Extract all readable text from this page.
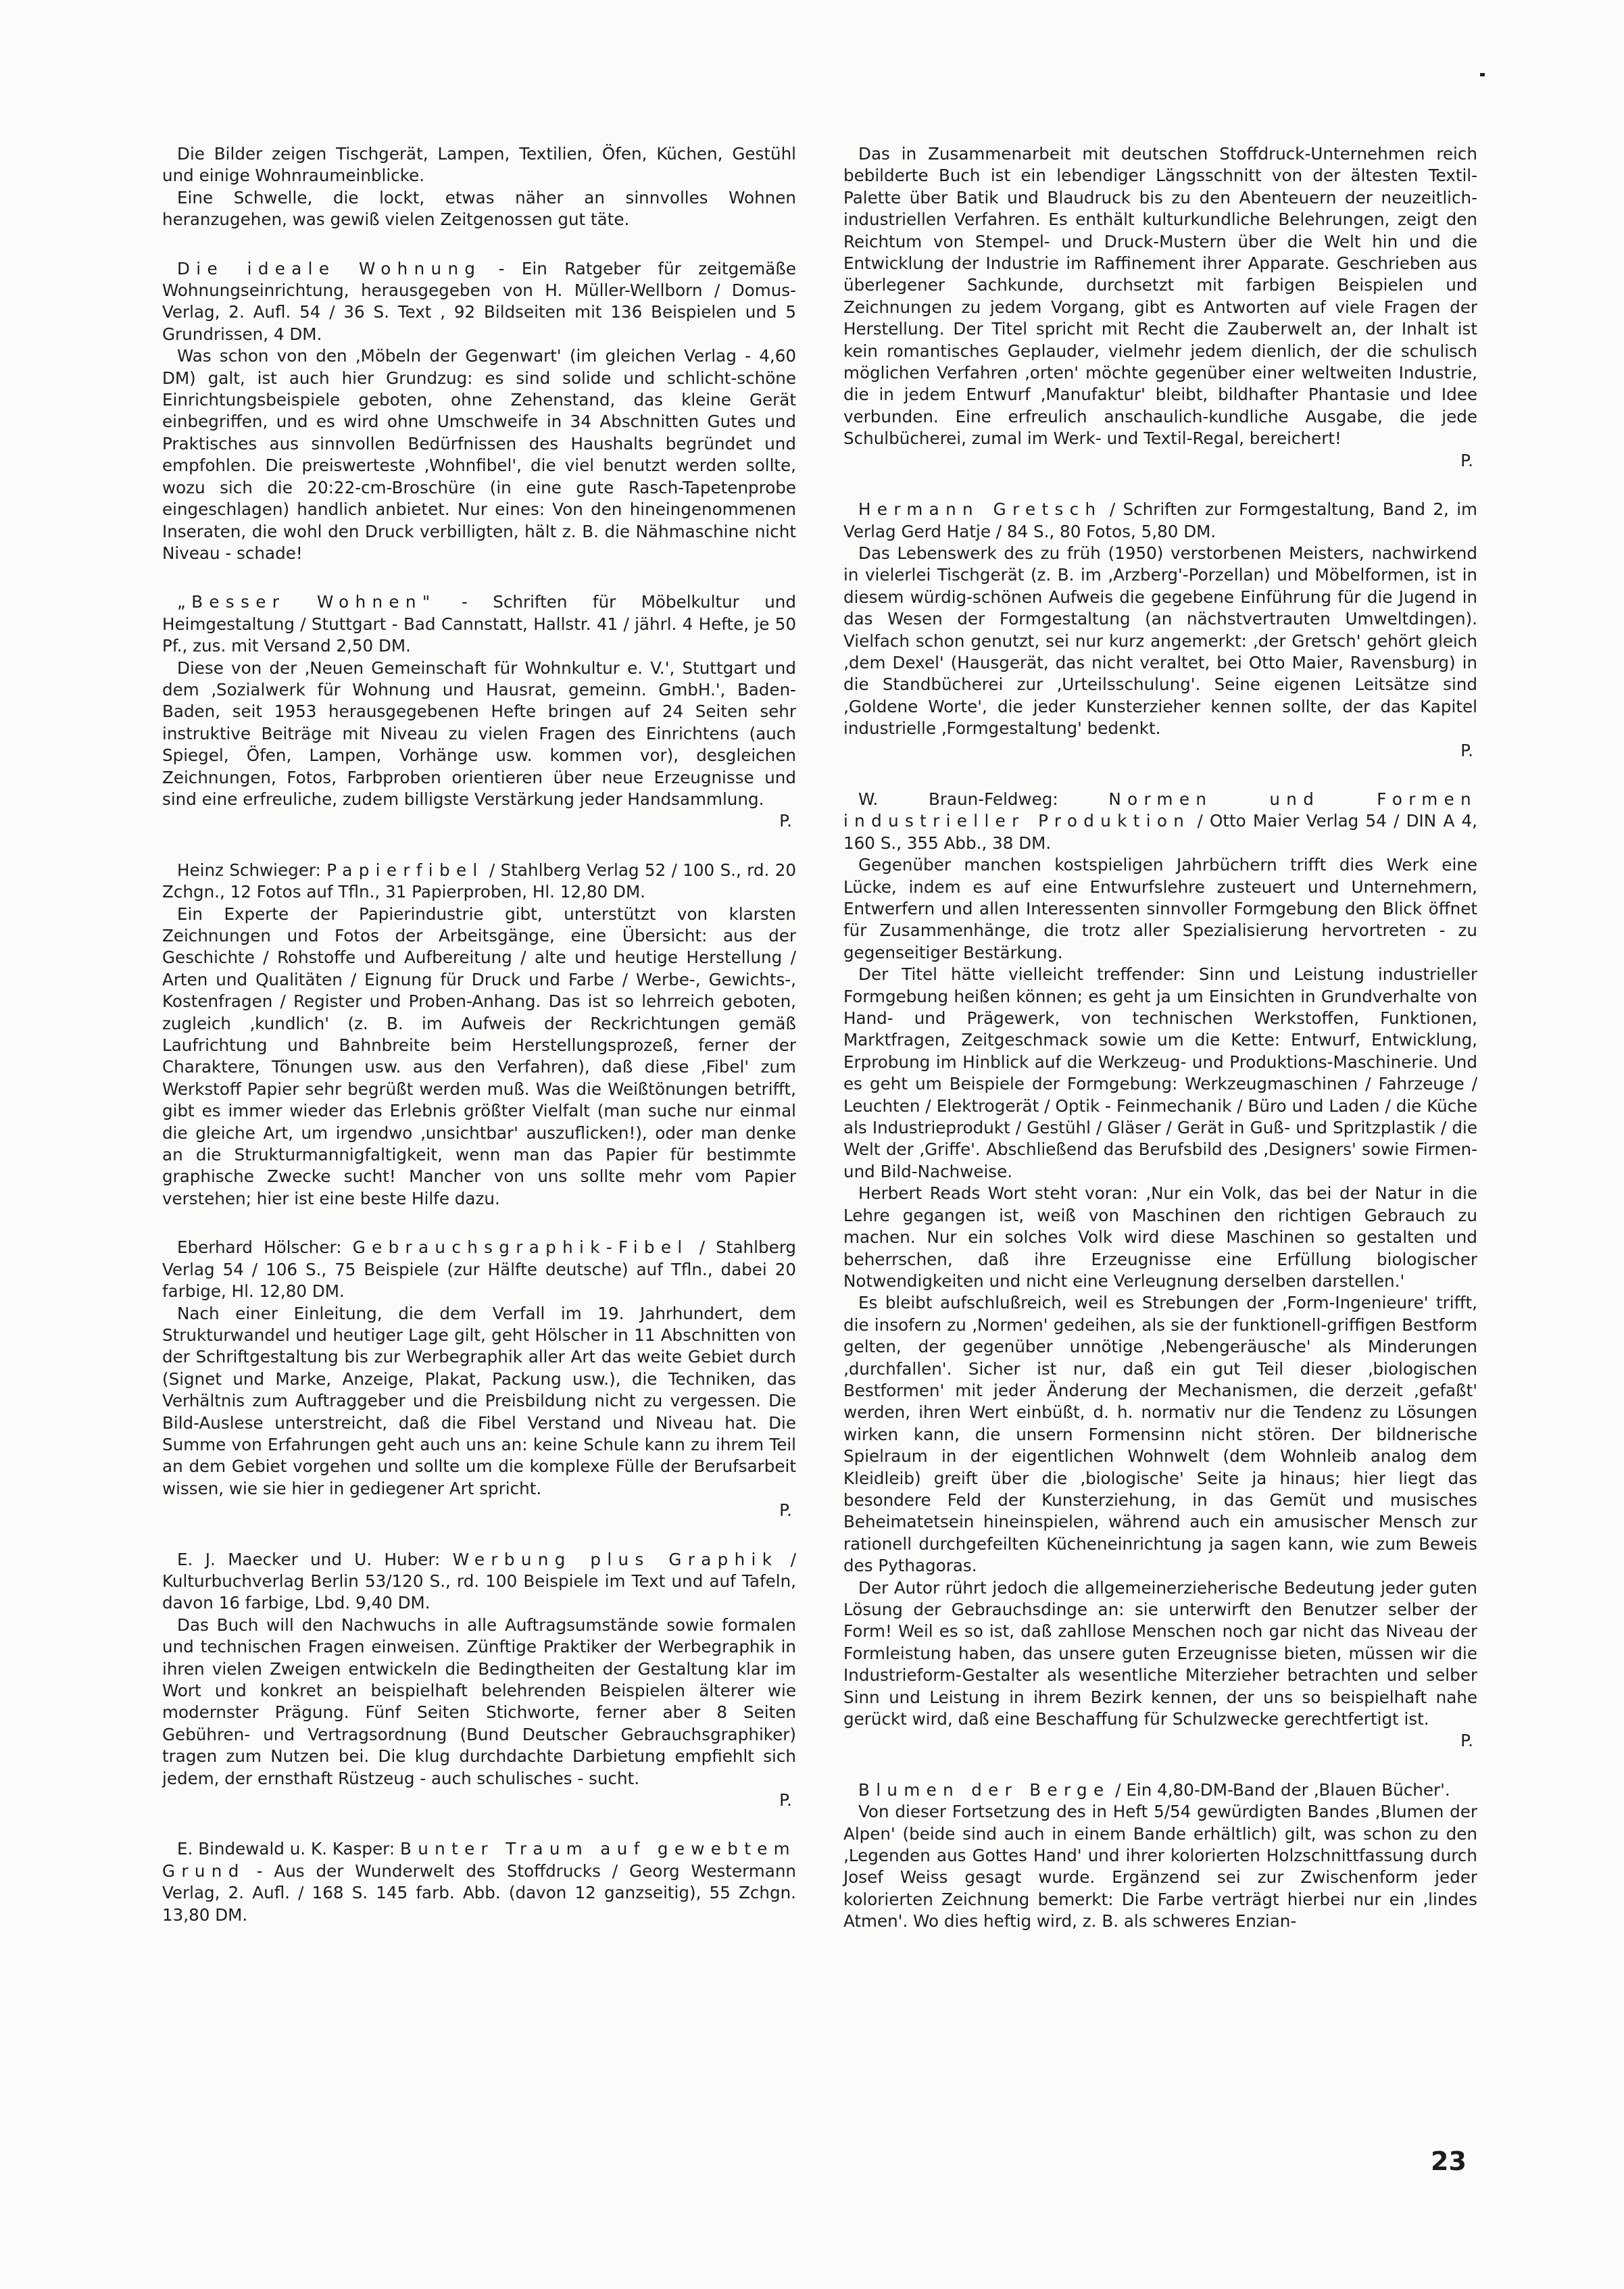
Die Bilder zeigen Tischgerät, Lampen, Textilien, Öfen, Küchen, Gestühl und einige Wohnraumeinblicke.

Eine Schwelle, die lockt, etwas näher an sinnvolles Wohnen heranzugehen, was gewiß vielen Zeitgenossen gut täte.

Die ideale Wohnung - Ein Ratgeber für zeitgemäße Wohnungseinrichtung, herausgegeben von H. Müller-Wellborn / Domus-Verlag, 2. Aufl. 54 / 36 S. Text , 92 Bildseiten mit 136 Beispielen und 5 Grundrissen, 4 DM.

Was schon von den ‚Möbeln der Gegenwart' (im gleichen Verlag - 4,60 DM) galt, ist auch hier Grundzug: es sind solide und schlicht-schöne Einrichtungsbeispiele geboten, ohne Zehenstand, das kleine Gerät einbegriffen, und es wird ohne Umschweife in 34 Abschnitten Gutes und Praktisches aus sinnvollen Bedürfnissen des Haushalts begründet und empfohlen. Die preiswerteste ‚Wohnfibel', die viel benutzt werden sollte, wozu sich die 20:22-cm-Broschüre (in eine gute Rasch-Tapetenprobe eingeschlagen) handlich anbietet. Nur eines: Von den hineingenommenen Inseraten, die wohl den Druck verbilligten, hält z. B. die Nähmaschine nicht Niveau - schade!

„Besser Wohnen" - Schriften für Möbelkultur und Heimgestaltung / Stuttgart - Bad Cannstatt, Hallstr. 41 / jährl. 4 Hefte, je 50 Pf., zus. mit Versand 2,50 DM.

Diese von der ‚Neuen Gemeinschaft für Wohnkultur e. V.', Stuttgart und dem ‚Sozialwerk für Wohnung und Hausrat, gemeinn. GmbH.', Baden-Baden, seit 1953 herausgegebenen Hefte bringen auf 24 Seiten sehr instruktive Beiträge mit Niveau zu vielen Fragen des Einrichtens (auch Spiegel, Öfen, Lampen, Vorhänge usw. kommen vor), desgleichen Zeichnungen, Fotos, Farbproben orientieren über neue Erzeugnisse und sind eine erfreuliche, zudem billigste Verstärkung jeder Handsammlung.

P.

Heinz Schwieger: Papierfibel / Stahlberg Verlag 52 / 100 S., rd. 20 Zchgn., 12 Fotos auf Tfln., 31 Papierproben, Hl. 12,80 DM.

Ein Experte der Papierindustrie gibt, unterstützt von klarsten Zeichnungen und Fotos der Arbeitsgänge, eine Übersicht: aus der Geschichte / Rohstoffe und Aufbereitung / alte und heutige Herstellung / Arten und Qualitäten / Eignung für Druck und Farbe / Werbe-, Gewichts-, Kostenfragen / Register und Proben-Anhang. Das ist so lehrreich geboten, zugleich ‚kundlich' (z. B. im Aufweis der Reckrichtungen gemäß Laufrichtung und Bahnbreite beim Herstellungsprozeß, ferner der Charaktere, Tönungen usw. aus den Verfahren), daß diese ‚Fibel' zum Werkstoff Papier sehr begrüßt werden muß. Was die Weißtönungen betrifft, gibt es immer wieder das Erlebnis größter Vielfalt (man suche nur einmal die gleiche Art, um irgendwo ‚unsichtbar' auszuflicken!), oder man denke an die Strukturmannigfaltigkeit, wenn man das Papier für bestimmte graphische Zwecke sucht! Mancher von uns sollte mehr vom Papier verstehen; hier ist eine beste Hilfe dazu.

Eberhard Hölscher: Gebrauchsgraphik-Fibel / Stahlberg Verlag 54 / 106 S., 75 Beispiele (zur Hälfte deutsche) auf Tfln., dabei 20 farbige, Hl. 12,80 DM.

Nach einer Einleitung, die dem Verfall im 19. Jahrhundert, dem Strukturwandel und heutiger Lage gilt, geht Hölscher in 11 Abschnitten von der Schriftgestaltung bis zur Werbegraphik aller Art das weite Gebiet durch (Signet und Marke, Anzeige, Plakat, Packung usw.), die Techniken, das Verhältnis zum Auftraggeber und die Preisbildung nicht zu vergessen. Die Bild-Auslese unterstreicht, daß die Fibel Verstand und Niveau hat. Die Summe von Erfahrungen geht auch uns an: keine Schule kann zu ihrem Teil an dem Gebiet vorgehen und sollte um die komplexe Fülle der Berufsarbeit wissen, wie sie hier in gediegener Art spricht.

P.

E. J. Maecker und U. Huber: Werbung plus Graphik / Kulturbuchverlag Berlin 53/120 S., rd. 100 Beispiele im Text und auf Tafeln, davon 16 farbige, Lbd. 9,40 DM.

Das Buch will den Nachwuchs in alle Auftragsumstände sowie formalen und technischen Fragen einweisen. Zünftige Praktiker der Werbegraphik in ihren vielen Zweigen entwickeln die Bedingtheiten der Gestaltung klar im Wort und konkret an beispielhaft belehrenden Beispielen älterer wie modernster Prägung. Fünf Seiten Stichworte, ferner aber 8 Seiten Gebühren- und Vertragsordnung (Bund Deutscher Gebrauchsgraphiker) tragen zum Nutzen bei. Die klug durchdachte Darbietung empfiehlt sich jedem, der ernsthaft Rüstzeug - auch schulisches - sucht.

P.

E. Bindewald u. K. Kasper: Bunter Traum auf gewebtem Grund - Aus der Wunderwelt des Stoffdrucks / Georg Westermann Verlag, 2. Aufl. / 168 S. 145 farb. Abb. (davon 12 ganzseitig), 55 Zchgn. 13,80 DM.

Das in Zusammenarbeit mit deutschen Stoffdruck-Unternehmen reich bebilderte Buch ist ein lebendiger Längsschnitt von der ältesten Textil-Palette über Batik und Blaudruck bis zu den Abenteuern der neuzeitlich-industriellen Verfahren. Es enthält kulturkundliche Belehrungen, zeigt den Reichtum von Stempel- und Druck-Mustern über die Welt hin und die Entwicklung der Industrie im Raffinement ihrer Apparate. Geschrieben aus überlegener Sachkunde, durchsetzt mit farbigen Beispielen und Zeichnungen zu jedem Vorgang, gibt es Antworten auf viele Fragen der Herstellung. Der Titel spricht mit Recht die Zauberwelt an, der Inhalt ist kein romantisches Geplauder, vielmehr jedem dienlich, der die schulisch möglichen Verfahren ‚orten' möchte gegenüber einer weltweiten Industrie, die in jedem Entwurf ‚Manufaktur' bleibt, bildhafter Phantasie und Idee verbunden. Eine erfreulich anschaulich-kundliche Ausgabe, die jede Schulbücherei, zumal im Werk- und Textil-Regal, bereichert!

P.

Hermann Gretsch / Schriften zur Formgestaltung, Band 2, im Verlag Gerd Hatje / 84 S., 80 Fotos, 5,80 DM.

Das Lebenswerk des zu früh (1950) verstorbenen Meisters, nachwirkend in vielerlei Tischgerät (z. B. im ‚Arzberg'-Porzellan) und Möbelformen, ist in diesem würdig-schönen Aufweis die gegebene Einführung für die Jugend in das Wesen der Formgestaltung (an nächstvertrauten Umweltdingen). Vielfach schon genutzt, sei nur kurz angemerkt: ‚der Gretsch' gehört gleich ‚dem Dexel' (Hausgerät, das nicht veraltet, bei Otto Maier, Ravensburg) in die Standbücherei zur ‚Urteilsschulung'. Seine eigenen Leitsätze sind ‚Goldene Worte', die jeder Kunsterzieher kennen sollte, der das Kapitel industrielle ‚Formgestaltung' bedenkt.

P.

W. Braun-Feldweg: Normen und Formen industrieller Produktion / Otto Maier Verlag 54 / DIN A 4, 160 S., 355 Abb., 38 DM.

Gegenüber manchen kostspieligen Jahrbüchern trifft dies Werk eine Lücke, indem es auf eine Entwurfslehre zusteuert und Unternehmern, Entwerfern und allen Interessenten sinnvoller Formgebung den Blick öffnet für Zusammenhänge, die trotz aller Spezialisierung hervortreten - zu gegenseitiger Bestärkung.

Der Titel hätte vielleicht treffender: Sinn und Leistung industrieller Formgebung heißen können; es geht ja um Einsichten in Grundverhalte von Hand- und Prägewerk, von technischen Werkstoffen, Funktionen, Marktfragen, Zeitgeschmack sowie um die Kette: Entwurf, Entwicklung, Erprobung im Hinblick auf die Werkzeug- und Produktions-Maschinerie. Und es geht um Beispiele der Formgebung: Werkzeugmaschinen / Fahrzeuge / Leuchten / Elektrogerät / Optik - Feinmechanik / Büro und Laden / die Küche als Industrieprodukt / Gestühl / Gläser / Gerät in Guß- und Spritzplastik / die Welt der ‚Griffe'. Abschließend das Berufsbild des ‚Designers' sowie Firmen- und Bild-Nachweise.

Herbert Reads Wort steht voran: ‚Nur ein Volk, das bei der Natur in die Lehre gegangen ist, weiß von Maschinen den richtigen Gebrauch zu machen. Nur ein solches Volk wird diese Maschinen so gestalten und beherrschen, daß ihre Erzeugnisse eine Erfüllung biologischer Notwendigkeiten und nicht eine Verleugnung derselben darstellen.'

Es bleibt aufschlußreich, weil es Strebungen der ‚Form-Ingenieure' trifft, die insofern zu ‚Normen' gedeihen, als sie der funktionell-griffigen Bestform gelten, der gegenüber unnötige ‚Nebengeräusche' als Minderungen ‚durchfallen'. Sicher ist nur, daß ein gut Teil dieser ‚biologischen Bestformen' mit jeder Änderung der Mechanismen, die derzeit ‚gefaßt' werden, ihren Wert einbüßt, d. h. normativ nur die Tendenz zu Lösungen wirken kann, die unsern Formensinn nicht stören. Der bildnerische Spielraum in der eigentlichen Wohnwelt (dem Wohnleib analog dem Kleidleib) greift über die ‚biologische' Seite ja hinaus; hier liegt das besondere Feld der Kunsterziehung, in das Gemüt und musisches Beheimatetsein hineinspielen, während auch ein amusischer Mensch zur rationell durchgefeilten Kücheneinrichtung ja sagen kann, wie zum Beweis des Pythagoras.

Der Autor rührt jedoch die allgemeinerzieherische Bedeutung jeder guten Lösung der Gebrauchsdinge an: sie unterwirft den Benutzer selber der Form! Weil es so ist, daß zahllose Menschen noch gar nicht das Niveau der Formleistung haben, das unsere guten Erzeugnisse bieten, müssen wir die Industrieform-Gestalter als wesentliche Miterzieher betrachten und selber Sinn und Leistung in ihrem Bezirk kennen, der uns so beispielhaft nahe gerückt wird, daß eine Beschaffung für Schulzwecke gerechtfertigt ist.

P.

Blumen der Berge / Ein 4,80-DM-Band der ‚Blauen Bücher'.

Von dieser Fortsetzung des in Heft 5/54 gewürdigten Bandes ‚Blumen der Alpen' (beide sind auch in einem Bande erhältlich) gilt, was schon zu den ‚Legenden aus Gottes Hand' und ihrer kolorierten Holzschnittfassung durch Josef Weiss gesagt wurde. Ergänzend sei zur Zwischenform jeder kolorierten Zeichnung bemerkt: Die Farbe verträgt hierbei nur ein ‚lindes Atmen'. Wo dies heftig wird, z. B. als schweres Enzian-

23
